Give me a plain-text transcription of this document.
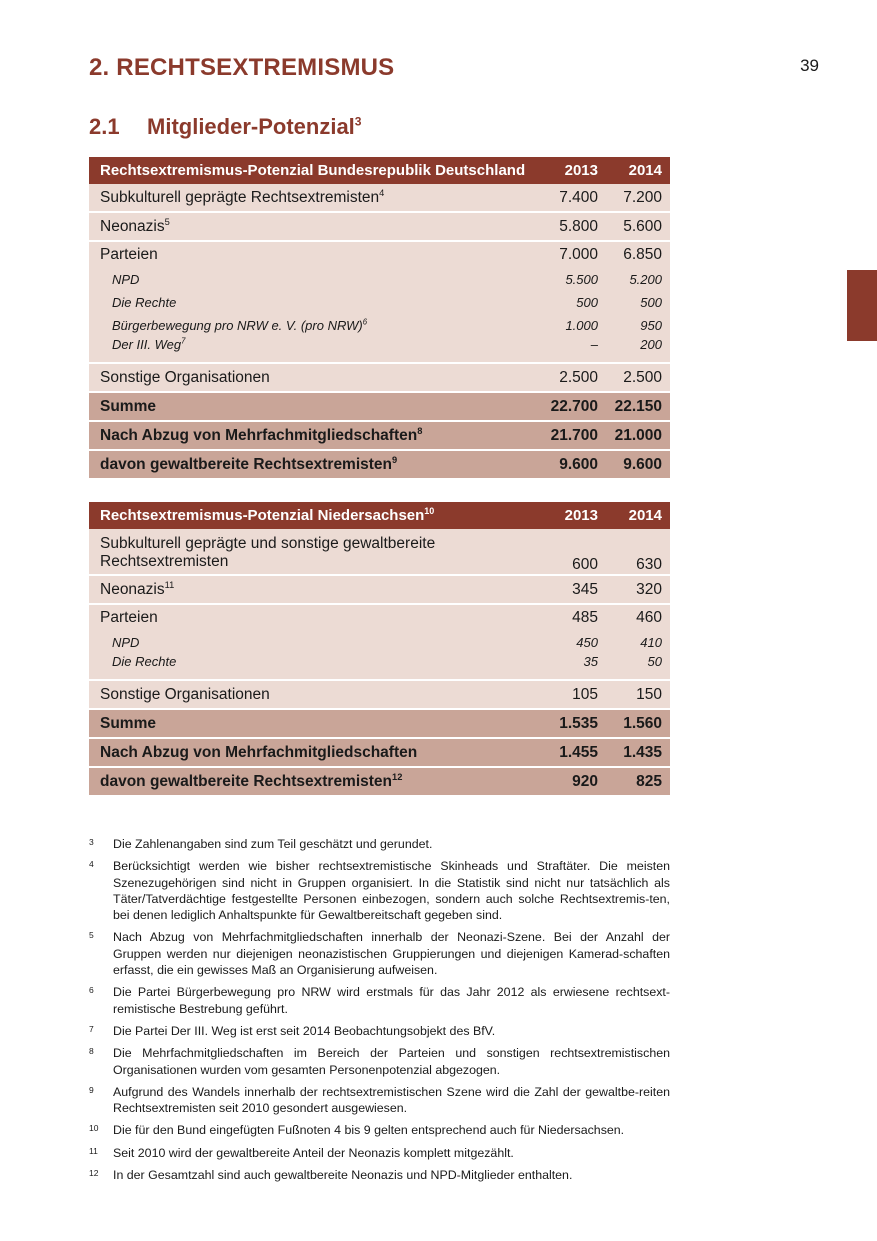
39
2. RECHTSEXTREMISMUS
2.1 Mitglieder-Potenzial$^3$
Rechtsextremismus-Potenzial Bundesrepublik Deutschland	2013	2014
Subkulturell geprägte Rechtsextremisten$^4$	7.400	7.200
Neonazis$^5$	5.800	5.600
Parteien	7.000	6.850
NPD	5.500	5.200
Die Rechte	500	500
Bürgerbewegung pro NRW e. V. (pro NRW)$^6$	1.000	950
Der III. Weg$^7$	–	200
Sonstige Organisationen	2.500	2.500
Summe	22.700	22.150
Nach Abzug von Mehrfachmitgliedschaften$^8$	21.700	21.000
davon gewaltbereite Rechtsextremisten$^9$	9.600	9.600
Rechtsextremismus-Potenzial Niedersachsen$^{10}$	2013	2014
Subkulturell geprägte und sonstige gewaltbereite
Rechtsextremisten	600	630
Neonazis$^{11}$	345	320
Parteien	485	460
NPD	450	410
Die Rechte	35	50
Sonstige Organisationen	105	150
Summe	1.535	1.560
Nach Abzug von Mehrfachmitgliedschaften	1.455	1.435
davon gewaltbereite Rechtsextremisten$^{12}$	920	825
3	Die Zahlenangaben sind zum Teil geschätzt und gerundet.
4	Berücksichtigt werden wie bisher rechtsextremistische Skinheads und Straftäter. Die meisten Szenezugehörigen sind nicht in Gruppen organisiert. In die Statistik sind nicht nur tatsächlich als Täter/Tatverdächtige festgestellte Personen einbezogen, sondern auch solche Rechtsextremis-ten, bei denen lediglich Anhaltspunkte für Gewaltbereitschaft gegeben sind.
5	Nach Abzug von Mehrfachmitgliedschaften innerhalb der Neonazi-Szene. Bei der Anzahl der Gruppen werden nur diejenigen neonazistischen Gruppierungen und diejenigen Kamerad-schaften erfasst, die ein gewisses Maß an Organisierung aufweisen.
6	Die Partei Bürgerbewegung pro NRW wird erstmals für das Jahr 2012 als erwiesene rechtsext-remistische Bestrebung geführt.
7	Die Partei Der III. Weg ist erst seit 2014 Beobachtungsobjekt des BfV.
8	Die Mehrfachmitgliedschaften im Bereich der Parteien und sonstigen rechtsextremistischen Organisationen wurden vom gesamten Personenpotenzial abgezogen.
9	Aufgrund des Wandels innerhalb der rechtsextremistischen Szene wird die Zahl der gewaltbe-reiten Rechtsextremisten seit 2010 gesondert ausgewiesen.
10	Die für den Bund eingefügten Fußnoten 4 bis 9 gelten entsprechend auch für Niedersachsen.
11	Seit 2010 wird der gewaltbereite Anteil der Neonazis komplett mitgezählt.
12	In der Gesamtzahl sind auch gewaltbereite Neonazis und NPD-Mitglieder enthalten.
